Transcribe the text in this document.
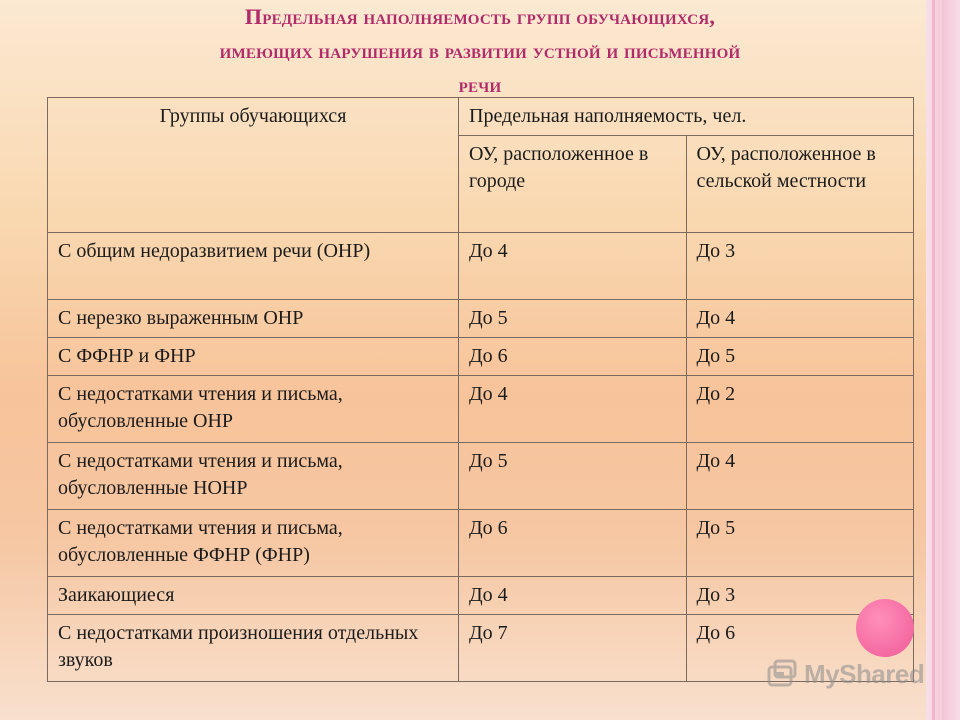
Предельная наполняемость групп обучающихся,
имеющих нарушения в развитии устной и письменной
речи
Группы обучающихся	Предельная наполняемость, чел.	
	ОУ, расположенное в городе	ОУ, расположенное в сельской местности
С общим недоразвитием речи (ОНР)	До 4	До 3
С нерезко выраженным ОНР	До 5	До 4
С ФФНР и ФНР	До 6	До 5
С недостатками чтения и письма, обусловленные ОНР	До 4	До 2
С недостатками чтения и письма, обусловленные НОНР	До 5	До 4
С недостатками чтения и письма, обусловленные ФФНР (ФНР)	До 6	До 5
Заикающиеся	До 4	До 3
С недостатками произношения отдельных звуков	До 7	До 6
MyShared
